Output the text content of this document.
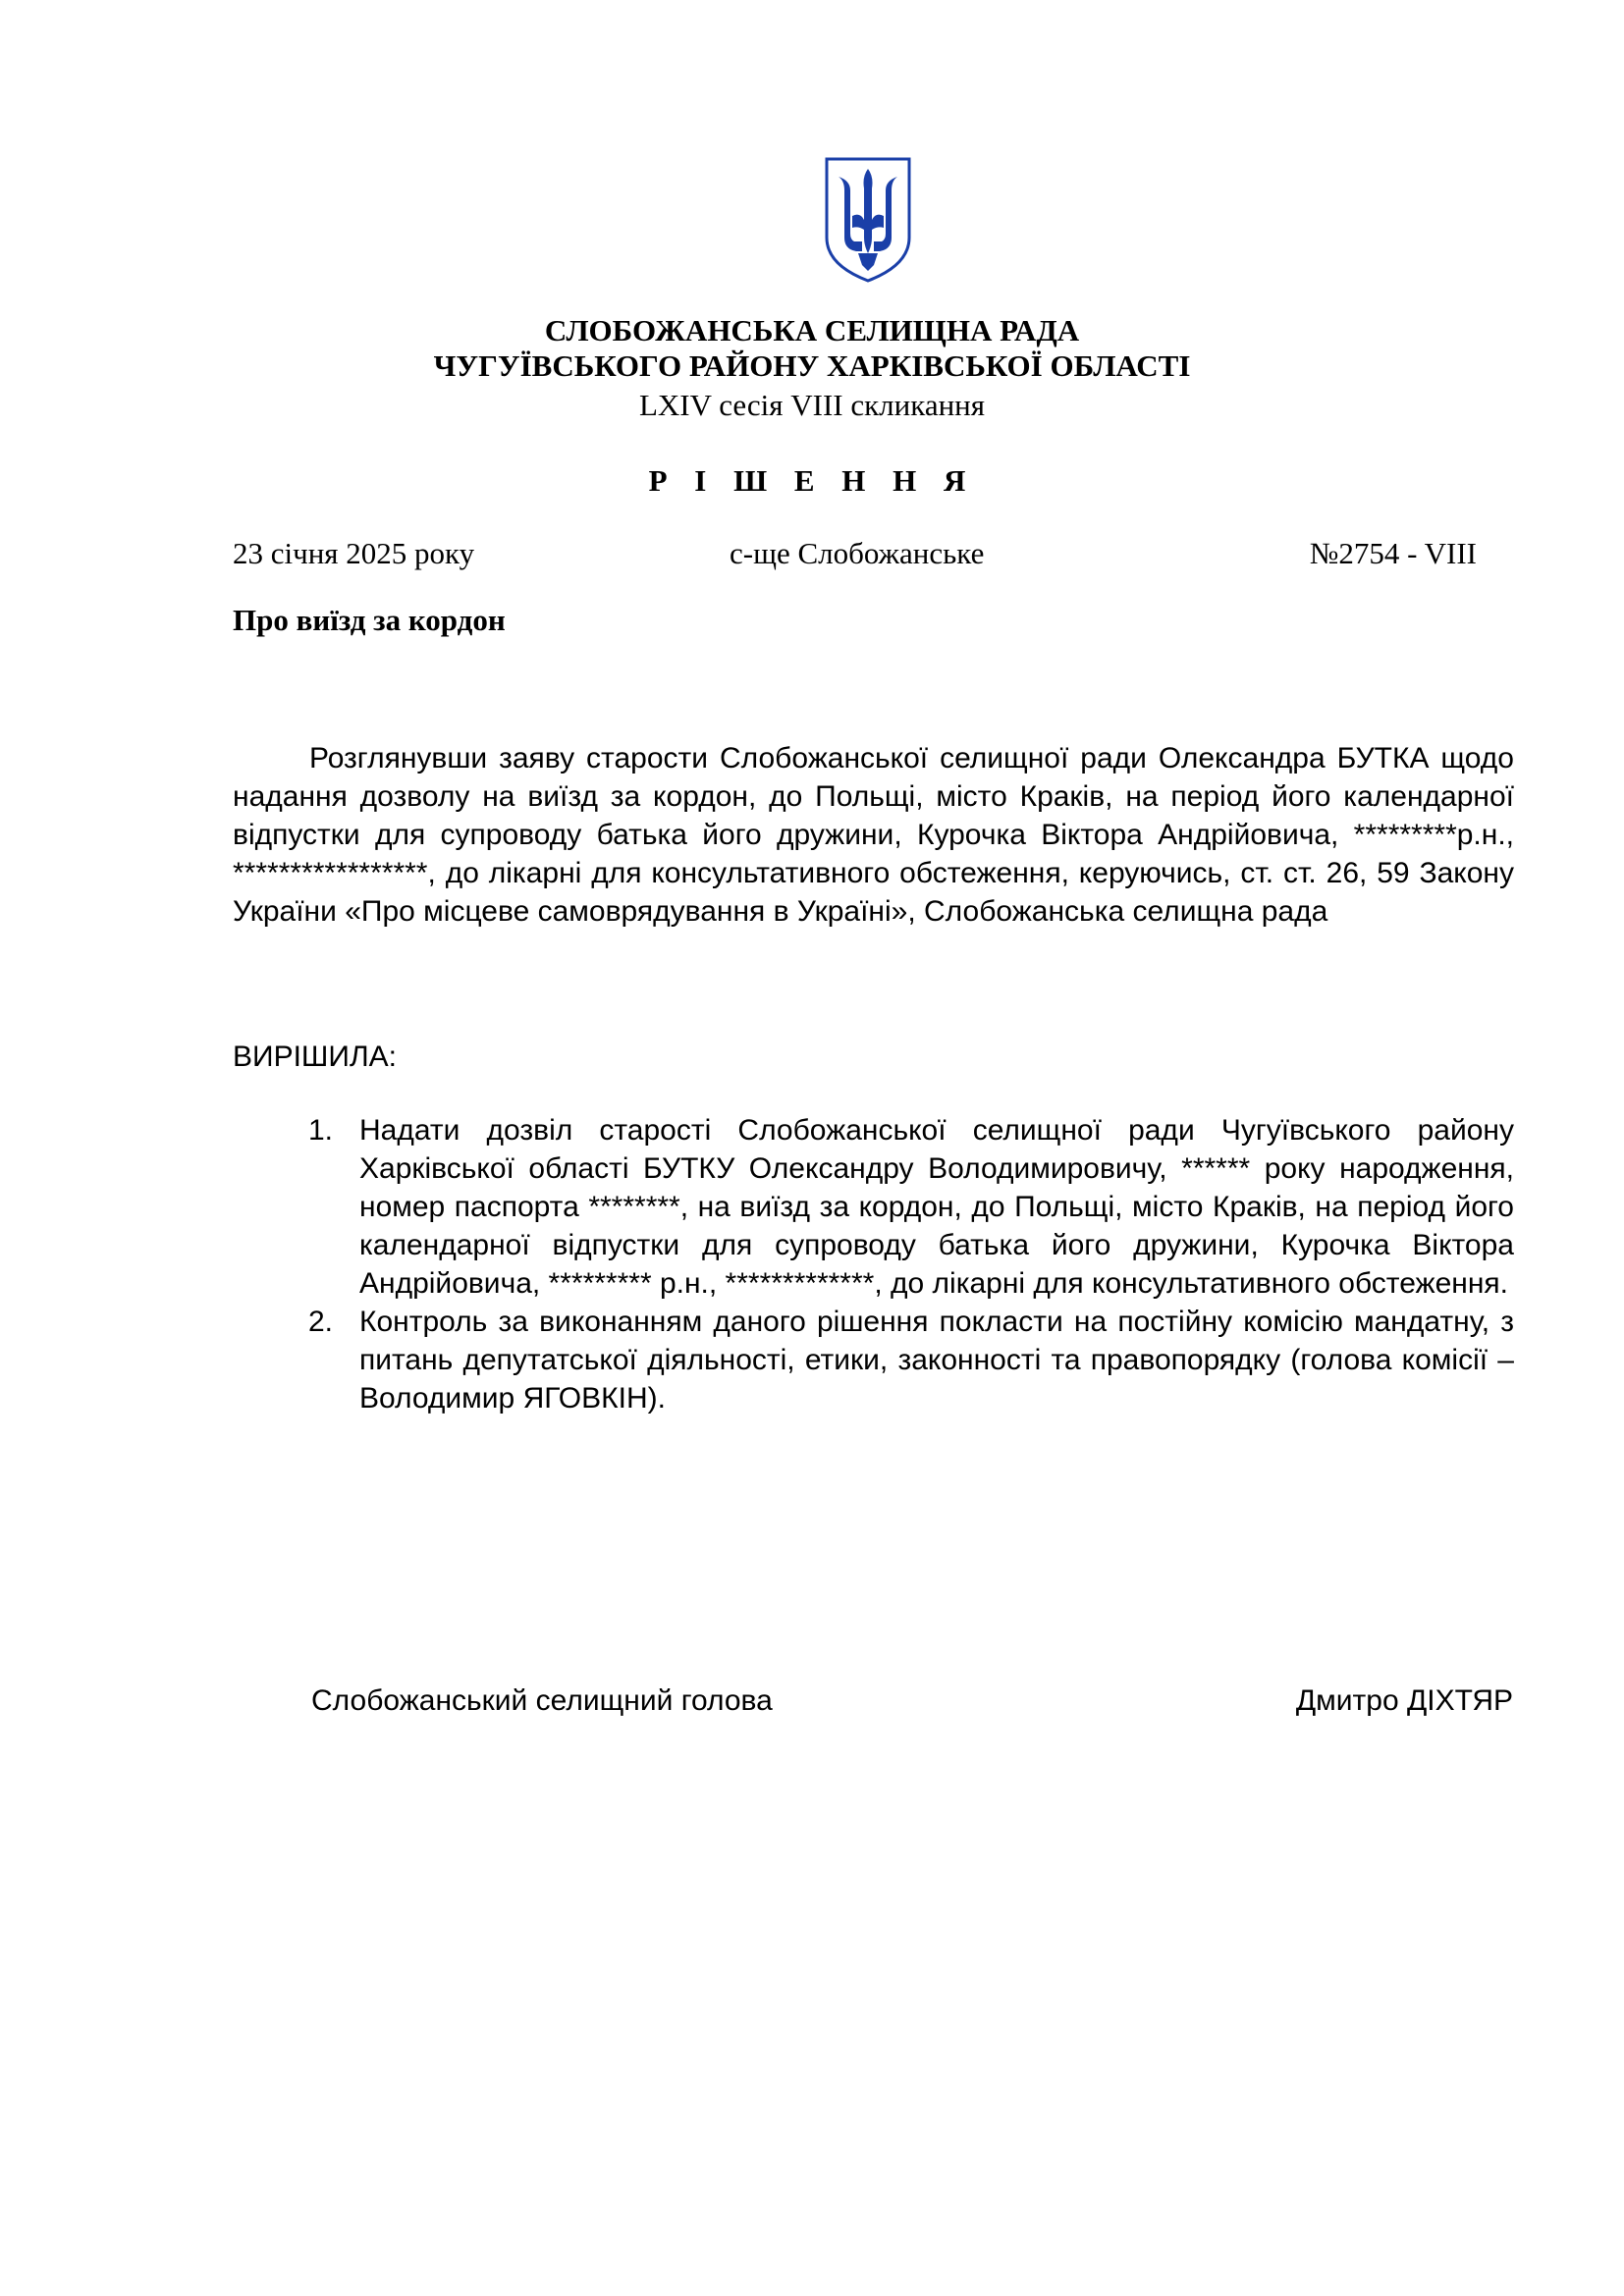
СЛОБОЖАНСЬКА СЕЛИЩНА РАДА
ЧУГУЇВСЬКОГО РАЙОНУ ХАРКІВСЬКОЇ ОБЛАСТІ
LXIV сесія VIII скликання
Р І Ш Е Н Н Я
23 січня 2025 року	с-ще Слобожанське	№2754 - VIII
Про виїзд за кордон

Розглянувши заяву старости Слобожанської селищної ради Олександра БУТКА щодо надання дозволу на виїзд за кордон, до Польщі, місто Краків, на період його календарної відпустки для супроводу батька його дружини, Курочка Віктора Андрійовича, *********р.н., *****************, до лікарні для консультативного обстеження, керуючись, ст. ст. 26, 59 Закону України «Про місцеве самоврядування в Україні», Слобожанська селищна рада

ВИРІШИЛА:
1. Надати дозвіл старості Слобожанської селищної ради Чугуївського району Харківської області БУТКУ Олександру Володимировичу, ****** року народження, номер паспорта ********, на виїзд за кордон, до Польщі, місто Краків, на період його календарної відпустки для супроводу батька його дружини, Курочка Віктора Андрійовича, ********* р.н., *************, до лікарні для консультативного обстеження.
2. Контроль за виконанням даного рішення покласти на постійну комісію мандатну, з питань депутатської діяльності, етики, законності та правопорядку (голова комісії – Володимир ЯГОВКІН).
Слобожанський селищний голова	Дмитро ДІХТЯР
